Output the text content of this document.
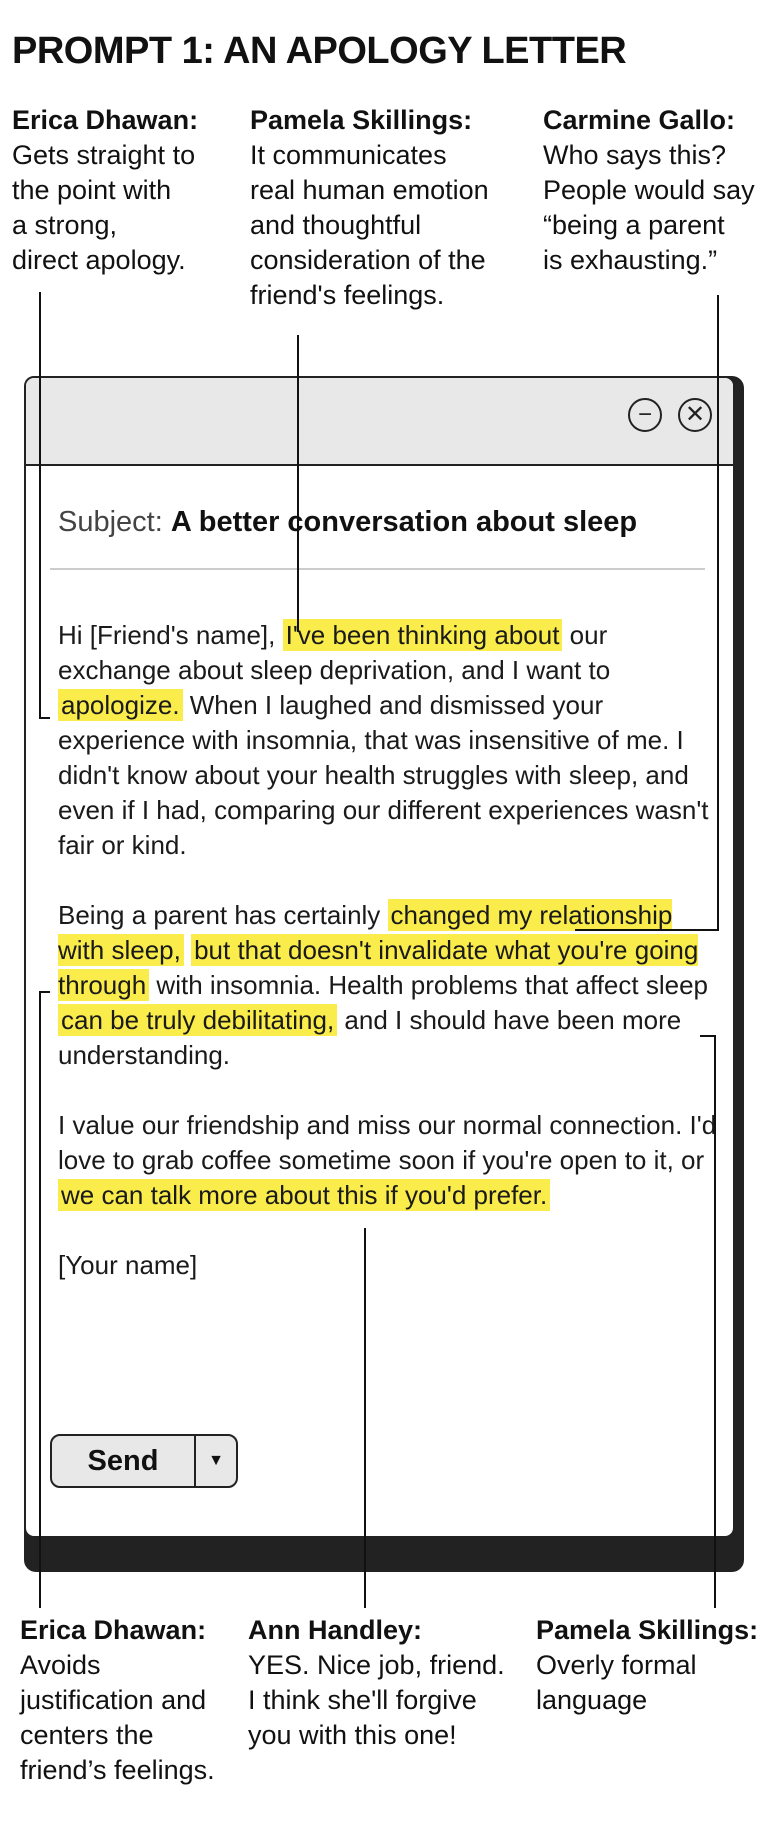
PROMPT 1: AN APOLOGY LETTER
Erica Dhawan:
Gets straight to
the point with
a strong,
direct apology.
Pamela Skillings:
It communicates
real human emotion
and thoughtful
consideration of the
friend's feelings.
Carmine Gallo:
Who says this?
People would say
“being a parent
is exhausting.”
−	✕
Subject: A better conversation about sleep

Hi [Friend's name], I've been thinking about our exchange about sleep deprivation, and I want to apologize. When I laughed and dismissed your experience with insomnia, that was insensitive of me. I didn't know about your health struggles with sleep, and even if I had, comparing our different experiences wasn't fair or kind.

Being a parent has certainly changed my relationship with sleep, but that doesn't invalidate what you're going through with insomnia. Health problems that affect sleep can be truly debilitating, and I should have been more understanding.

I value our friendship and miss our normal connection. I'd love to grab coffee sometime soon if you're open to it, or we can talk more about this if you'd prefer.

[Your name]

Send	▼
Erica Dhawan:
Avoids
justification and
centers the
friend’s feelings.
Ann Handley:
YES. Nice job, friend.
I think she'll forgive
you with this one!
Pamela Skillings:
Overly formal
language
